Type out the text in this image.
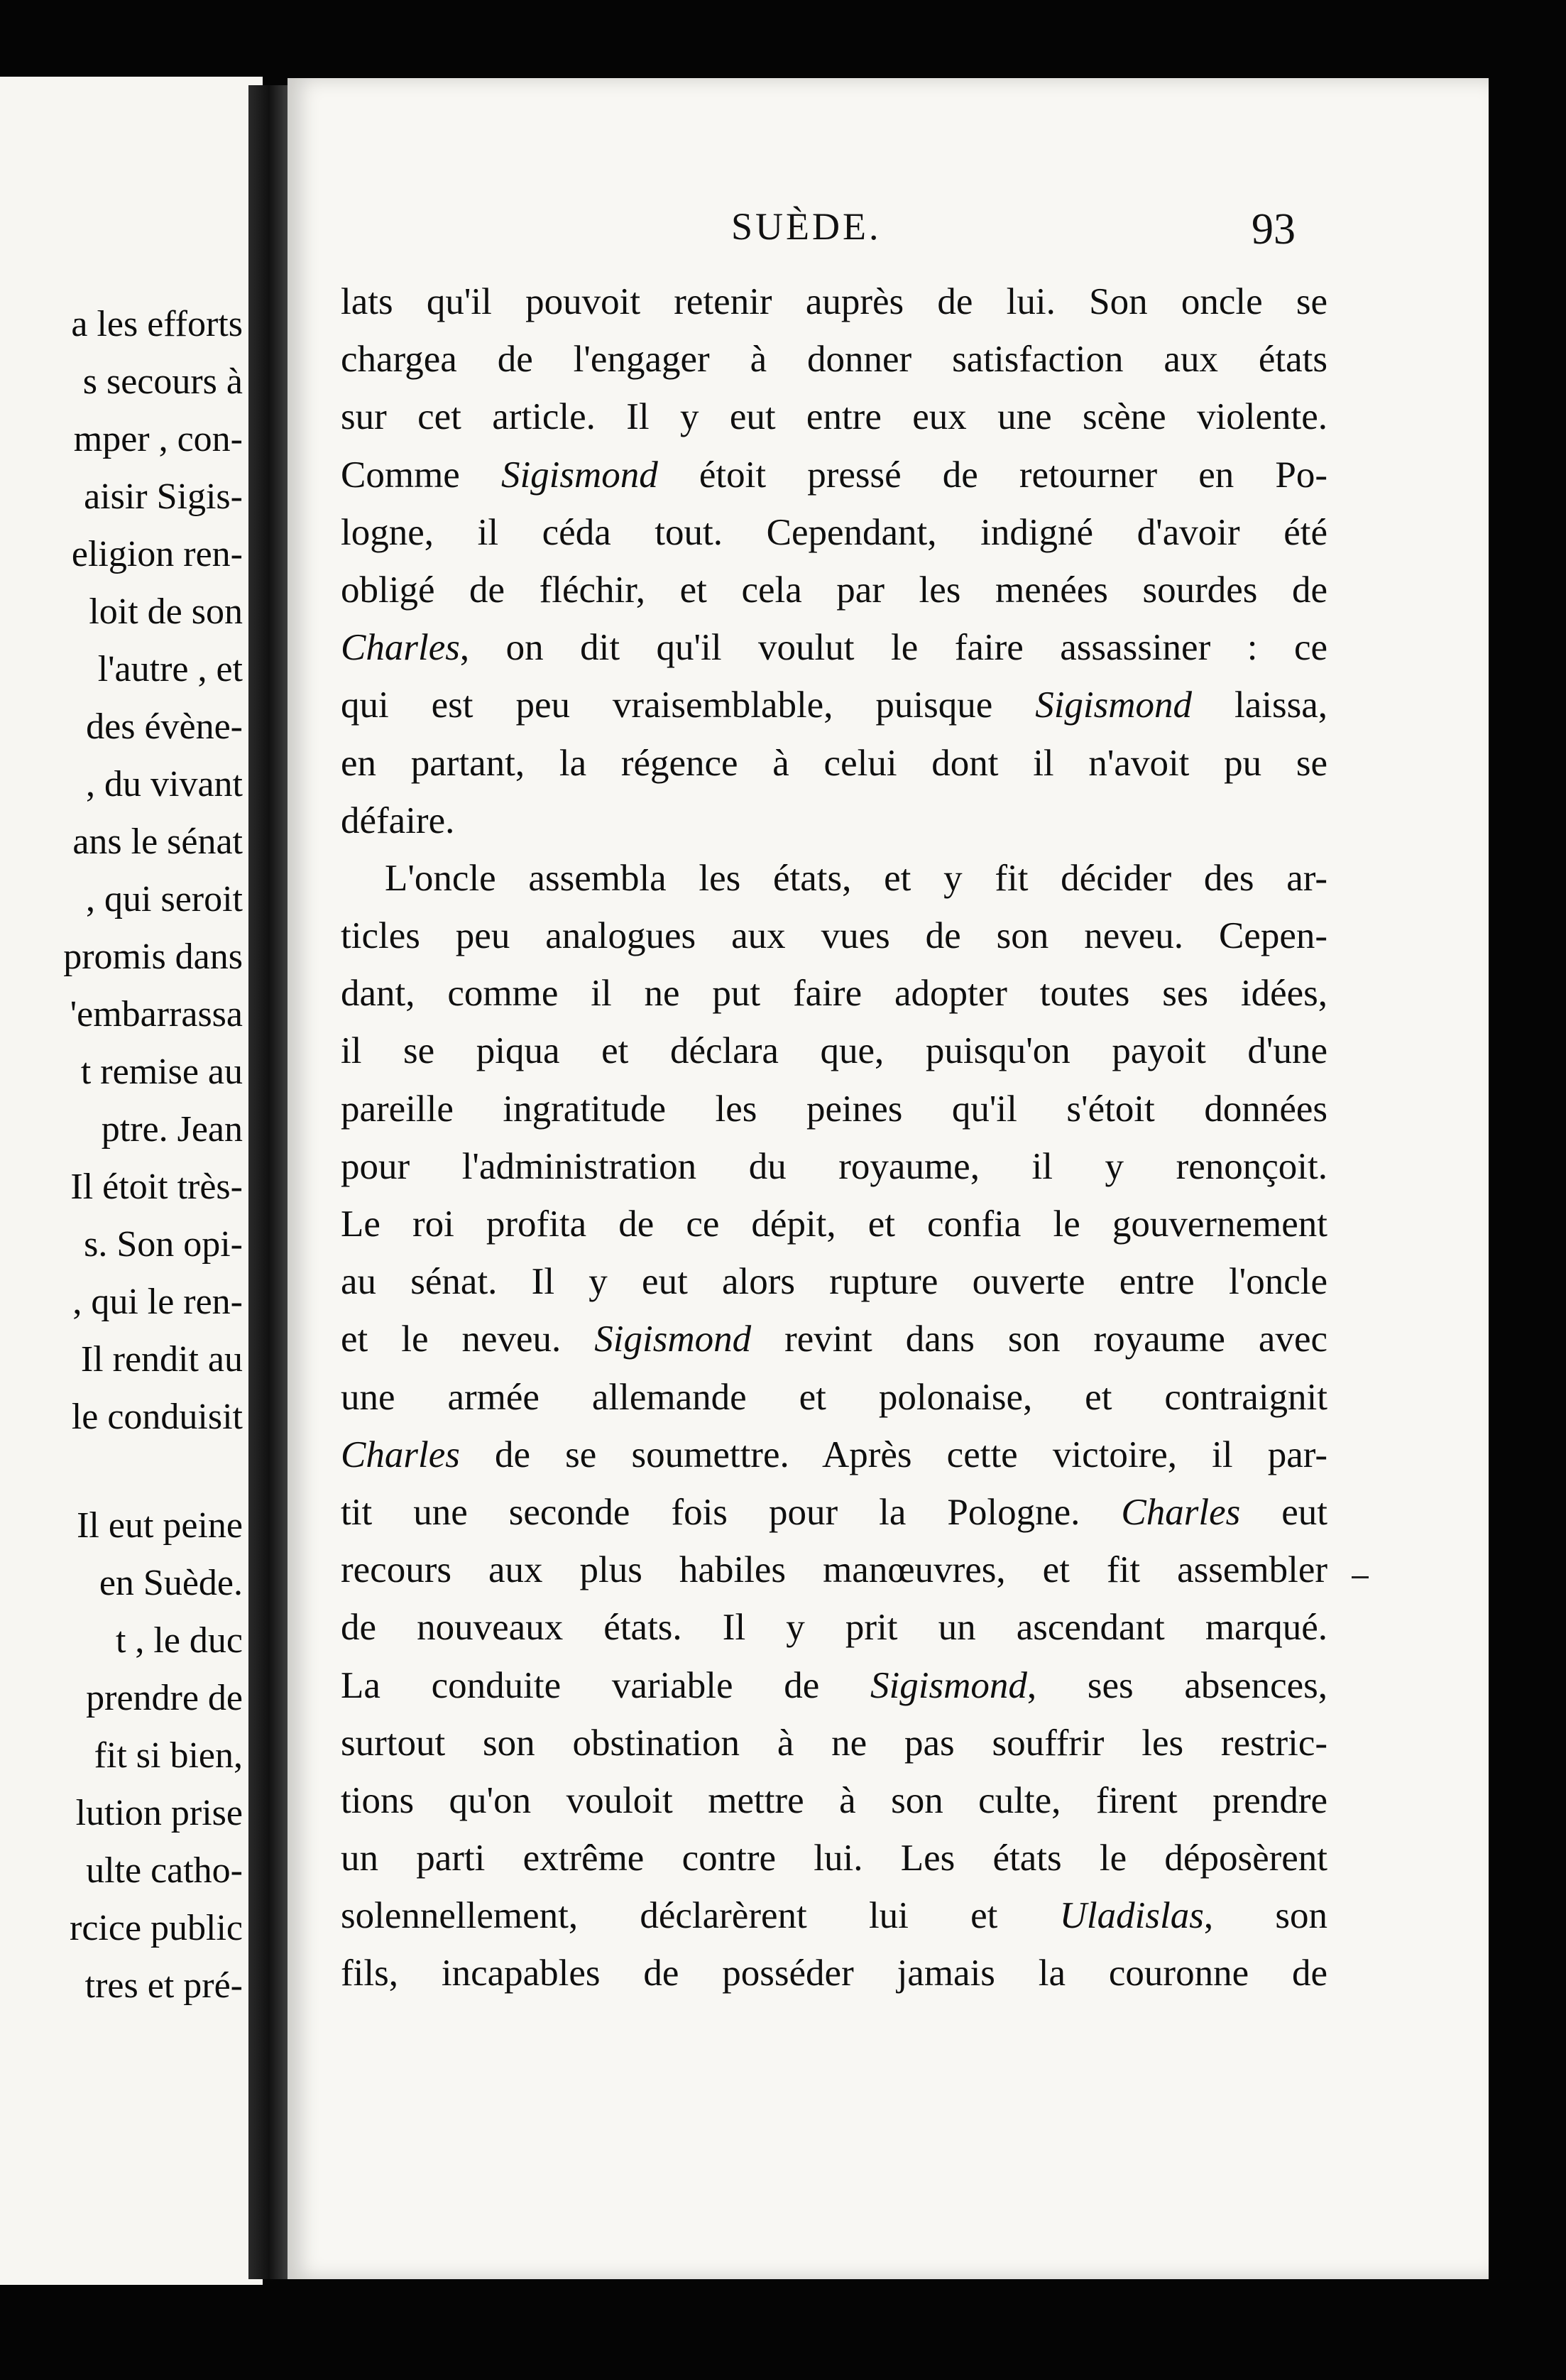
a les efforts
s secours à
mper , con-
aisir Sigis-
eligion ren-
loit de son
l'autre , et
des évène-
, du vivant
ans le sénat
, qui seroit
promis dans
'embarrassa
t remise au
ptre. Jean
Il étoit très-
s. Son opi-
, qui le ren-
Il rendit au
le conduisit
Il eut peine
en Suède.
t , le duc
prendre de
fit si bien,
lution prise
ulte catho-
rcice public
tres et pré-
SUÈDE.	93
lats qu'il pouvoit retenir auprès de lui. Son oncle se
chargea de l'engager à donner satisfaction aux états
sur cet article. Il y eut entre eux une scène violente.
Comme Sigismond étoit pressé de retourner en Po-
logne, il céda tout. Cependant, indigné d'avoir été
obligé de fléchir, et cela par les menées sourdes de
Charles, on dit qu'il voulut le faire assassiner : ce
qui est peu vraisemblable, puisque Sigismond laissa,
en partant, la régence à celui dont il n'avoit pu se
défaire.
L'oncle assembla les états, et y fit décider des ar-
ticles peu analogues aux vues de son neveu. Cepen-
dant, comme il ne put faire adopter toutes ses idées,
il se piqua et déclara que, puisqu'on payoit d'une
pareille ingratitude les peines qu'il s'étoit données
pour l'administration du royaume, il y renonçoit.
Le roi profita de ce dépit, et confia le gouvernement
au sénat. Il y eut alors rupture ouverte entre l'oncle
et le neveu. Sigismond revint dans son royaume avec
une armée allemande et polonaise, et contraignit
Charles de se soumettre. Après cette victoire, il par-
tit une seconde fois pour la Pologne. Charles eut
recours aux plus habiles manœuvres, et fit assembler
de nouveaux états. Il y prit un ascendant marqué.
La conduite variable de Sigismond, ses absences,
surtout son obstination à ne pas souffrir les restric-
tions qu'on vouloit mettre à son culte, firent prendre
un parti extrême contre lui. Les états le déposèrent
solennellement, déclarèrent lui et Uladislas, son
fils, incapables de posséder jamais la couronne de
